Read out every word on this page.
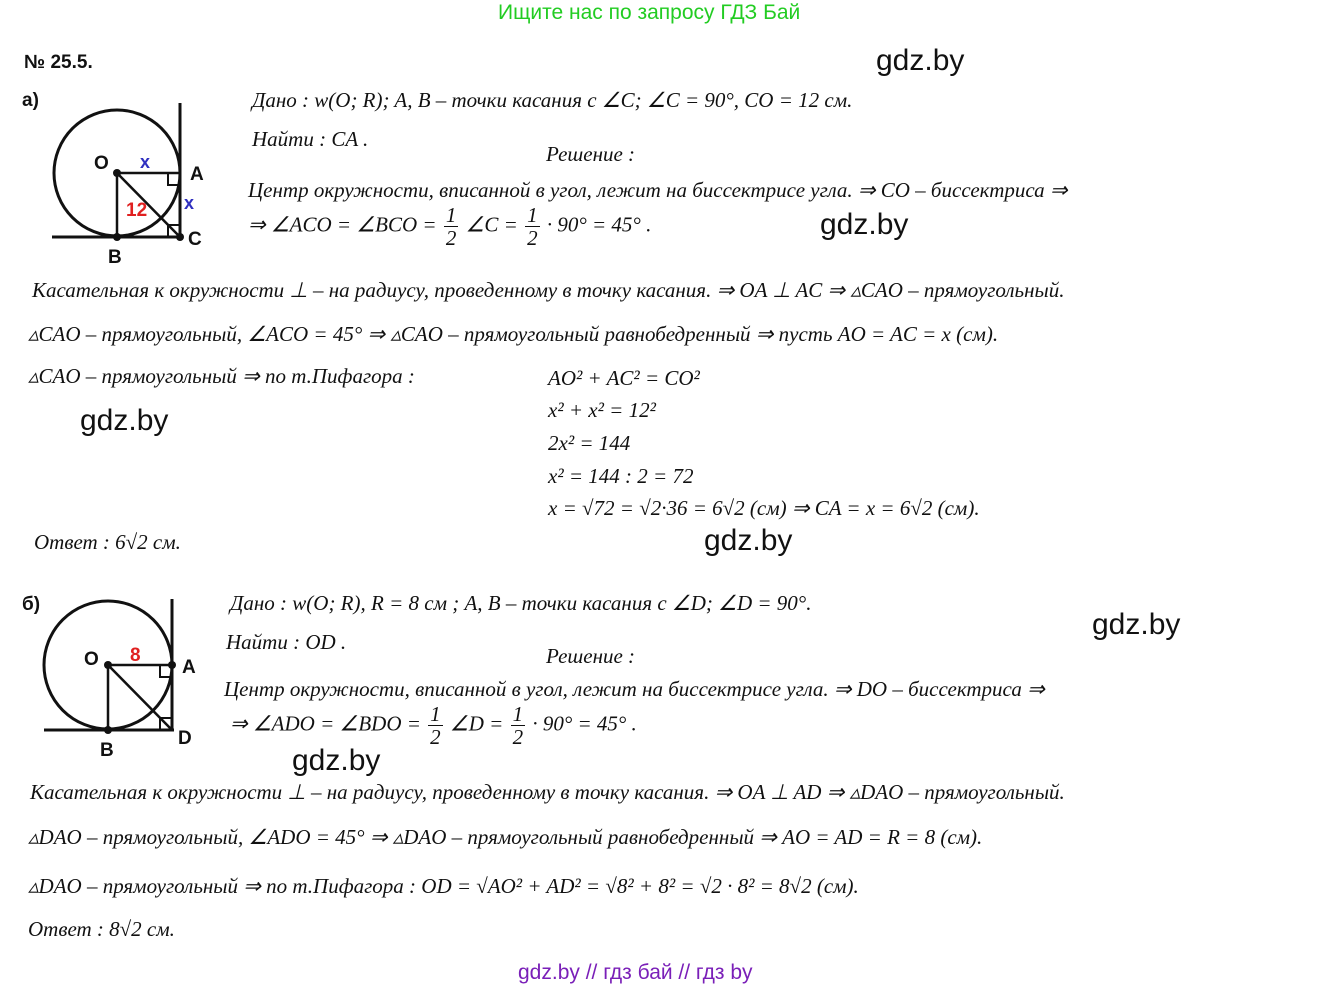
Ищите нас по запросу ГДЗ Бай
№ 25.5.	gdz.by
gdz.by
gdz.by
gdz.by
gdz.by
gdz.by
а)
O
A
B
C
x
x
12
Дано : w(O; R); A, B – точки касания с ∠C; ∠C = 90°, CO = 12 см.
Найти : CA .
Решение :
Центр окружности, вписанной в угол, лежит на биссектрисе угла. ⇒ CO – биссектриса ⇒
⇒ ∠ACO = ∠BCO = $\frac{1}{2}$ ∠C = $\frac{1}{2} \cdot 90^\circ = 45^\circ$ .
Касательная к окружности ⊥ – на радиусу, проведенному в точку касания. ⇒ OA ⊥ AC ⇒ ▵CAO – прямоугольный.
▵CAO – прямоугольный, ∠ACO = 45° ⇒ ▵CAO – прямоугольный равнобедренный ⇒ пусть AO = AC = x (см).
▵CAO – прямоугольный ⇒ по т.Пифагора :	AO² + AC² = CO²
x² + x² = 12²
2x² = 144
x² = 144 : 2 = 72
x = √72 = √2·36 = 6√2 (см) ⇒ CA = x = 6√2 (см).
Ответ : 6√2 см.
б)
O	A
B
D
8
Дано : w(O; R), R = 8 см ; A, B – точки касания с ∠D; ∠D = 90°.
Найти : OD .
Решение :
Центр окружности, вписанной в угол, лежит на биссектрисе угла. ⇒ DO – биссектриса ⇒
⇒ ∠ADO = ∠BDO = $\frac{1}{2}$ ∠D = $\frac{1}{2} \cdot 90^\circ = 45^\circ$ .
Касательная к окружности ⊥ – на радиусу, проведенному в точку касания. ⇒ OA ⊥ AD ⇒ ▵DAO – прямоугольный.
▵DAO – прямоугольный, ∠ADO = 45° ⇒ ▵DAO – прямоугольный равнобедренный ⇒ AO = AD = R = 8 (см).
▵DAO – прямоугольный ⇒ по т.Пифагора : OD = √AO² + AD² = √8² + 8² = √2 · 8² = 8√2 (см).
Ответ : 8√2 см.
gdz.by // гдз бай // гдз by
